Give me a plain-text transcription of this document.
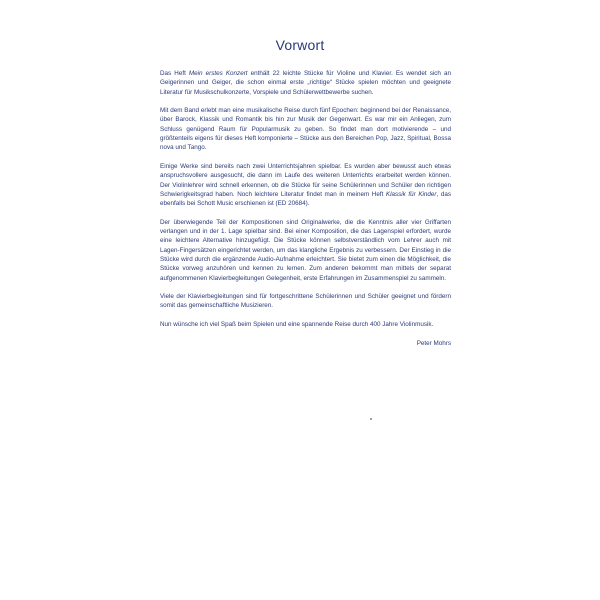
Vorwort

Das Heft Mein erstes Konzert enthält 22 leichte Stücke für Violine und Klavier. Es wendet sich an Geigerinnen und Geiger, die schon einmal erste „richtige“ Stücke spielen möchten und geeignete Literatur für Musikschulkonzerte, Vorspiele und Schülerwettbewerbe suchen.

Mit dem Band erlebt man eine musikalische Reise durch fünf Epochen: beginnend bei der Renaissance, über Barock, Klassik und Romantik bis hin zur Musik der Gegenwart. Es war mir ein Anliegen, zum Schluss genügend Raum für Popularmusik zu geben. So findet man dort motivierende – und größtenteils eigens für dieses Heft komponierte – Stücke aus den Bereichen Pop, Jazz, Spiritual, Bossa nova und Tango.

Einige Werke sind bereits nach zwei Unterrichtsjahren spielbar. Es wurden aber bewusst auch etwas anspruchsvollere ausgesucht, die dann im Laufe des weiteren Unterrichts erarbeitet werden können. Der Violinlehrer wird schnell erkennen, ob die Stücke für seine Schülerinnen und Schüler den richtigen Schwierigkeitsgrad haben. Noch leichtere Literatur findet man in meinem Heft Klassik für Kinder, das ebenfalls bei Schott Music erschienen ist (ED 20684).

Der überwiegende Teil der Kompositionen sind Originalwerke, die die Kenntnis aller vier Griffarten verlangen und in der 1. Lage spielbar sind. Bei einer Komposition, die das Lagenspiel erfordert, wurde eine leichtere Alternative hinzugefügt. Die Stücke können selbstverständlich vom Lehrer auch mit Lagen-Fingersätzen eingerichtet werden, um das klangliche Ergebnis zu verbessern. Der Einstieg in die Stücke wird durch die ergänzende Audio-Aufnahme erleichtert. Sie bietet zum einen die Möglichkeit, die Stücke vorweg anzuhören und kennen zu lernen. Zum anderen bekommt man mittels der separat aufgenommenen Klavierbegleitungen Gelegenheit, erste Erfahrungen im Zusammenspiel zu sammeln.

Viele der Klavierbegleitungen sind für fortgeschrittene Schülerinnen und Schüler geeignet und fördern somit das gemeinschaftliche Musizieren.

Nun wünsche ich viel Spaß beim Spielen und eine spannende Reise durch 400 Jahre Violinmusik.

Peter Mohrs
